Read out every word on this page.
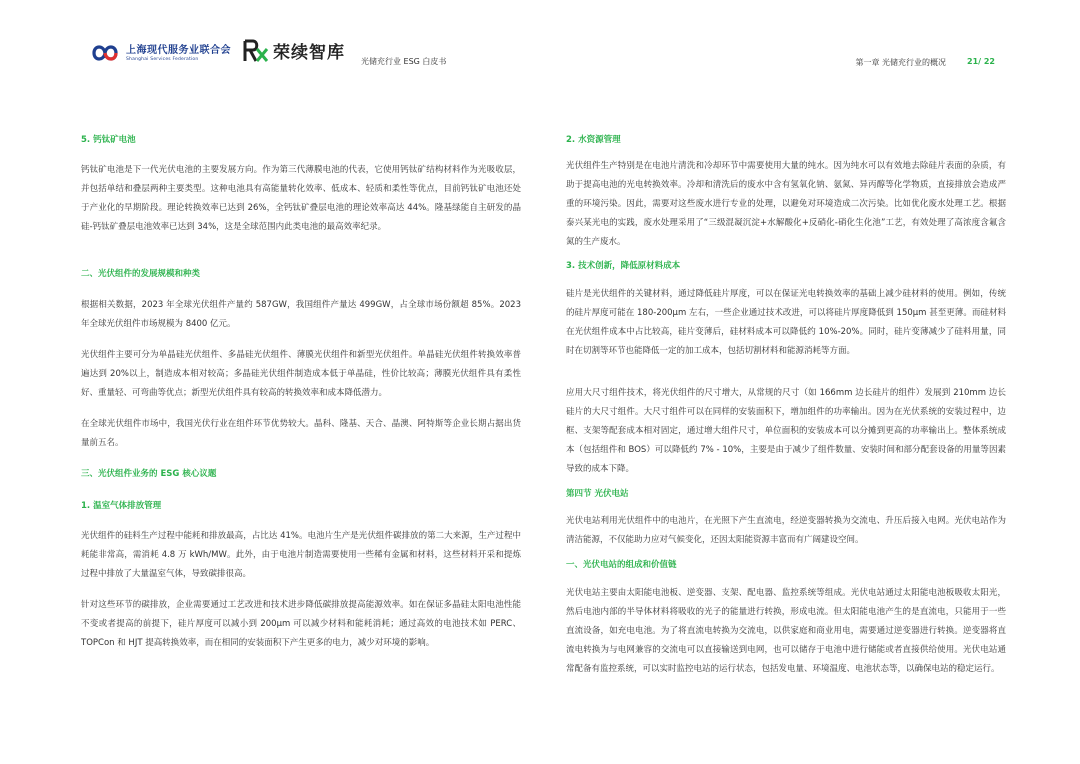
上海现代服务业联合会
Shanghai Services Federation	荣续智库 光储充行业 ESG 白皮书	第一章 光储充行业的概况	21/ 22
5. 钙钛矿电池
钙钛矿电池是下一代光伏电池的主要发展方向。作为第三代薄膜电池的代表，它使用钙钛矿结构材料作为光吸收层，并包括单结和叠层两种主要类型。这种电池具有高能量转化效率、低成本、轻质和柔性等优点，目前钙钛矿电池还处于产业化的早期阶段。理论转换效率已达到 26%，全钙钛矿叠层电池的理论效率高达 44%。隆基绿能自主研发的晶硅-钙钛矿叠层电池效率已达到 34%，这是全球范围内此类电池的最高效率纪录。
二、光伏组件的发展规模和种类
根据相关数据，2023 年全球光伏组件产量约 587GW，我国组件产量达 499GW，占全球市场份额超 85%。2023 年全球光伏组件市场规模为 8400 亿元。
光伏组件主要可分为单晶硅光伏组件、多晶硅光伏组件、薄膜光伏组件和新型光伏组件。单晶硅光伏组件转换效率普遍达到 20%以上，制造成本相对较高；多晶硅光伏组件制造成本低于单晶硅，性价比较高；薄膜光伏组件具有柔性好、重量轻、可弯曲等优点；新型光伏组件具有较高的转换效率和成本降低潜力。
在全球光伏组件市场中，我国光伏行业在组件环节优势较大。晶科、隆基、天合、晶澳、阿特斯等企业长期占据出货量前五名。
三、光伏组件业务的 ESG 核心议题
1. 温室气体排放管理
光伏组件的硅料生产过程中能耗和排放最高，占比达 41%。电池片生产是光伏组件碳排放的第二大来源，生产过程中耗能非常高，需消耗 4.8 万 kWh/MW。此外，由于电池片制造需要使用一些稀有金属和材料，这些材料开采和提炼过程中排放了大量温室气体，导致碳排很高。
针对这些环节的碳排放，企业需要通过工艺改进和技术进步降低碳排放提高能源效率。如在保证多晶硅太阳电池性能不变或者提高的前提下，硅片厚度可以减小到 200μm 可以减少材料和能耗消耗；通过高效的电池技术如 PERC、TOPCon 和 HJT 提高转换效率，而在相同的安装面积下产生更多的电力，减少对环境的影响。
2. 水资源管理
光伏组件生产特别是在电池片清洗和冷却环节中需要使用大量的纯水。因为纯水可以有效地去除硅片表面的杂质，有助于提高电池的光电转换效率。冷却和清洗后的废水中含有氢氧化钠、氨氮、异丙醇等化学物质，直接排放会造成严重的环境污染。因此，需要对这些废水进行专业的处理，以避免对环境造成二次污染。比如优化废水处理工艺。根据泰兴某光电的实践，废水处理采用了“三级混凝沉淀+水解酸化+反硝化-硝化生化池”工艺，有效处理了高浓度含氟含氮的生产废水。
3. 技术创新，降低原材料成本
硅片是光伏组件的关键材料，通过降低硅片厚度，可以在保证光电转换效率的基础上减少硅材料的使用。例如，传统的硅片厚度可能在 180-200μm 左右，一些企业通过技术改进，可以将硅片厚度降低到 150μm 甚至更薄。而硅材料在光伏组件成本中占比较高，硅片变薄后，硅材料成本可以降低约 10%-20%。同时，硅片变薄减少了硅料用量，同时在切割等环节也能降低一定的加工成本，包括切割材料和能源消耗等方面。
应用大尺寸组件技术，将光伏组件的尺寸增大，从常规的尺寸（如 166mm 边长硅片的组件）发展到 210mm 边长硅片的大尺寸组件。大尺寸组件可以在同样的安装面积下，增加组件的功率输出。因为在光伏系统的安装过程中，边框、支架等配套成本相对固定，通过增大组件尺寸，单位面积的安装成本可以分摊到更高的功率输出上。整体系统成本（包括组件和 BOS）可以降低约 7% - 10%，主要是由于减少了组件数量、安装时间和部分配套设备的用量等因素导致的成本下降。
第四节 光伏电站
光伏电站利用光伏组件中的电池片，在光照下产生直流电，经逆变器转换为交流电、升压后接入电网。光伏电站作为清洁能源，不仅能助力应对气候变化，还因太阳能资源丰富而有广阔建设空间。
一、光伏电站的组成和价值链
光伏电站主要由太阳能电池板、逆变器、支架、配电器、监控系统等组成。光伏电站通过太阳能电池板吸收太阳光，然后电池内部的半导体材料将吸收的光子的能量进行转换，形成电流。但太阳能电池产生的是直流电，只能用于一些直流设备，如充电电池。为了将直流电转换为交流电，以供家庭和商业用电，需要通过逆变器进行转换。逆变器将直流电转换为与电网兼容的交流电可以直接输送到电网，也可以储存于电池中进行储能或者直接供给使用。光伏电站通常配备有监控系统，可以实时监控电站的运行状态，包括发电量、环境温度、电池状态等，以确保电站的稳定运行。
